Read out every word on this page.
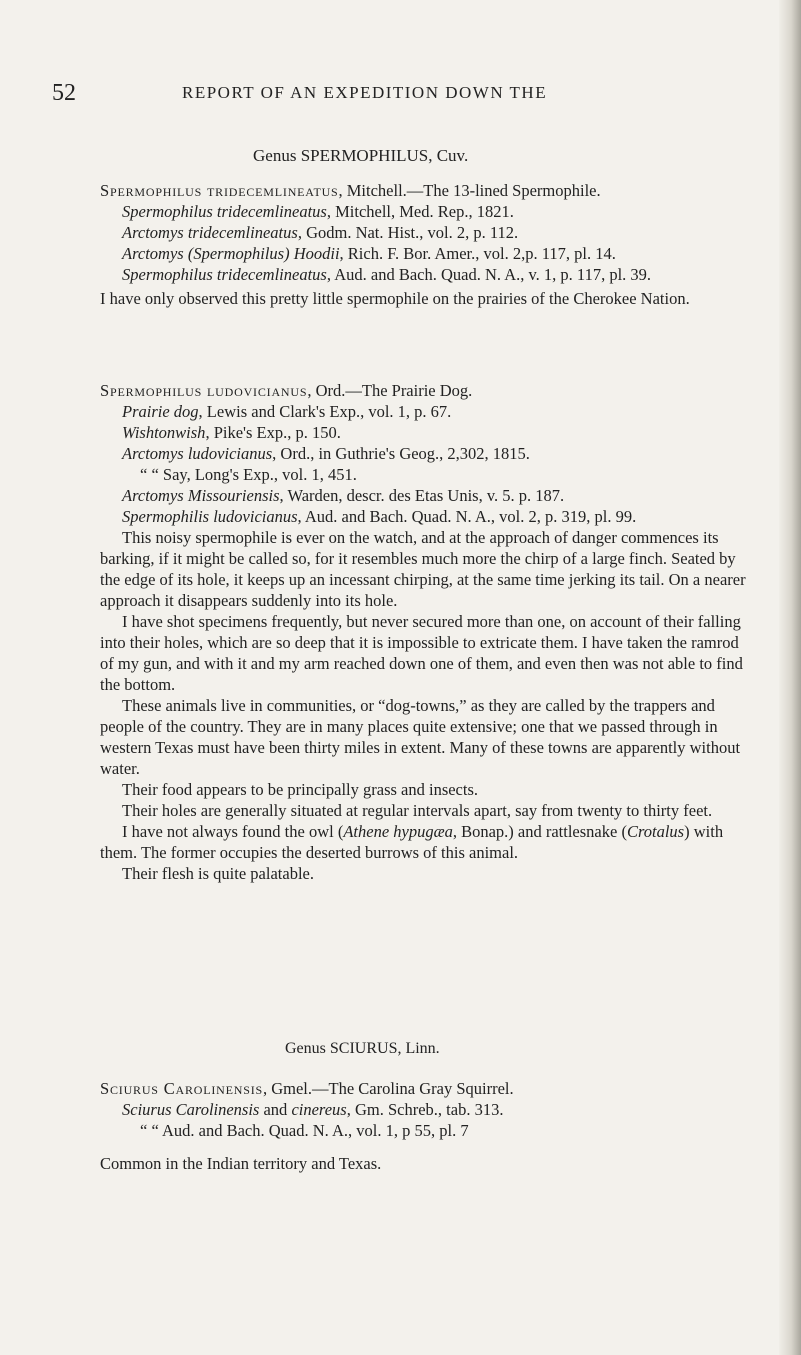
52	REPORT OF AN EXPEDITION DOWN THE
Genus SPERMOPHILUS, Cuv.

Spermophilus tridecemlineatus, Mitchell.—The 13-lined Spermophile.

Spermophilus tridecemlineatus, Mitchell, Med. Rep., 1821.

Arctomys tridecemlineatus, Godm. Nat. Hist., vol. 2, p. 112.

Arctomys (Spermophilus) Hoodii, Rich. F. Bor. Amer., vol. 2,p. 117, pl. 14.

Spermophilus tridecemlineatus, Aud. and Bach. Quad. N. A., v. 1, p. 117, pl. 39.

I have only observed this pretty little spermophile on the prairies of the Cherokee Nation.

Spermophilus ludovicianus, Ord.—The Prairie Dog.

Prairie dog, Lewis and Clark's Exp., vol. 1, p. 67.

Wishtonwish, Pike's Exp., p. 150.

Arctomys ludovicianus, Ord., in Guthrie's Geog., 2,302, 1815.

“ “ Say, Long's Exp., vol. 1, 451.

Arctomys Missouriensis, Warden, descr. des Etas Unis, v. 5. p. 187.

Spermophilis ludovicianus, Aud. and Bach. Quad. N. A., vol. 2, p. 319, pl. 99.

This noisy spermophile is ever on the watch, and at the approach of danger commences its barking, if it might be called so, for it resembles much more the chirp of a large finch. Seated by the edge of its hole, it keeps up an incessant chirping, at the same time jerking its tail. On a nearer approach it disappears suddenly into its hole.

I have shot specimens frequently, but never secured more than one, on account of their falling into their holes, which are so deep that it is impossible to extricate them. I have taken the ramrod of my gun, and with it and my arm reached down one of them, and even then was not able to find the bottom.

These animals live in communities, or “dog-towns,” as they are called by the trappers and people of the country. They are in many places quite extensive; one that we passed through in western Texas must have been thirty miles in extent. Many of these towns are apparently without water.

Their food appears to be principally grass and insects.

Their holes are generally situated at regular intervals apart, say from twenty to thirty feet.

I have not always found the owl (Athene hypugæa, Bonap.) and rattlesnake (Crotalus) with them. The former occupies the deserted burrows of this animal.

Their flesh is quite palatable.

Genus SCIURUS, Linn.

Sciurus Carolinensis, Gmel.—The Carolina Gray Squirrel.

Sciurus Carolinensis and cinereus, Gm. Schreb., tab. 313.

“ “ Aud. and Bach. Quad. N. A., vol. 1, p 55, pl. 7

Common in the Indian territory and Texas.
